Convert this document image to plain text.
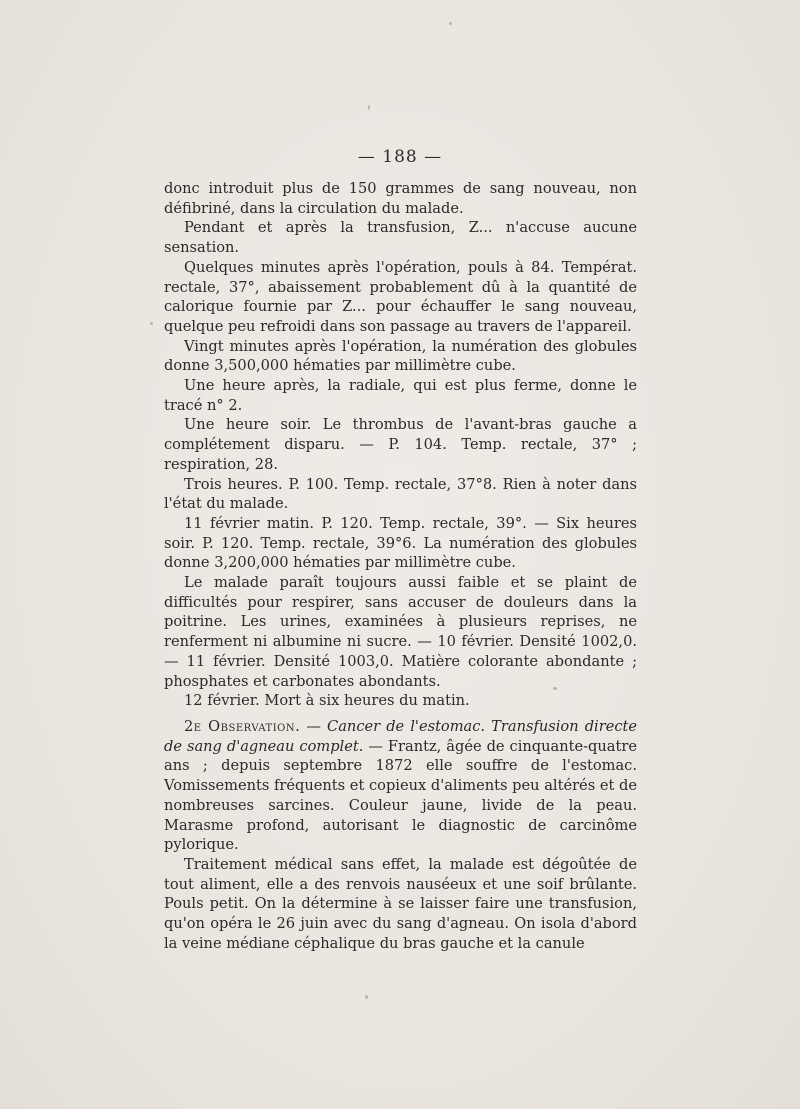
— 188 —

donc introduit plus de 150 grammes de sang nouveau, non défibriné, dans la circulation du malade.

Pendant et après la transfusion, Z... n'accuse aucune sensation.

Quelques minutes après l'opération, pouls à 84. Températ. rectale, 37°, abaissement probablement dû à la quantité de calorique fournie par Z... pour échauffer le sang nouveau, quelque peu refroidi dans son passage au travers de l'appareil.

Vingt minutes après l'opération, la numération des globules donne 3,500,000 hématies par millimètre cube.

Une heure après, la radiale, qui est plus ferme, donne le tracé n° 2.

Une heure soir. Le thrombus de l'avant-bras gauche a complétement disparu. — P. 104. Temp. rectale, 37° ; respiration, 28.

Trois heures. P. 100. Temp. rectale, 37°8. Rien à noter dans l'état du malade.

11 février matin. P. 120. Temp. rectale, 39°. — Six heures soir. P. 120. Temp. rectale, 39°6. La numération des globules donne 3,200,000 hématies par millimètre cube.

Le malade paraît toujours aussi faible et se plaint de difficultés pour respirer, sans accuser de douleurs dans la poitrine. Les urines, examinées à plusieurs reprises, ne renferment ni albumine ni sucre. — 10 février. Densité 1002,0. — 11 février. Densité 1003,0. Matière colorante abondante ; phosphates et carbonates abondants.

12 février. Mort à six heures du matin.

2e Observation. — Cancer de l'estomac. Transfusion directe de sang d'agneau complet. — Frantz, âgée de cinquante-quatre ans ; depuis septembre 1872 elle souffre de l'estomac. Vomissements fréquents et copieux d'aliments peu altérés et de nombreuses sarcines. Couleur jaune, livide de la peau. Marasme profond, autorisant le diagnostic de carcinôme pylorique.

Traitement médical sans effet, la malade est dégoûtée de tout aliment, elle a des renvois nauséeux et une soif brûlante. Pouls petit. On la détermine à se laisser faire une transfusion, qu'on opéra le 26 juin avec du sang d'agneau. On isola d'abord la veine médiane céphalique du bras gauche et la canule
